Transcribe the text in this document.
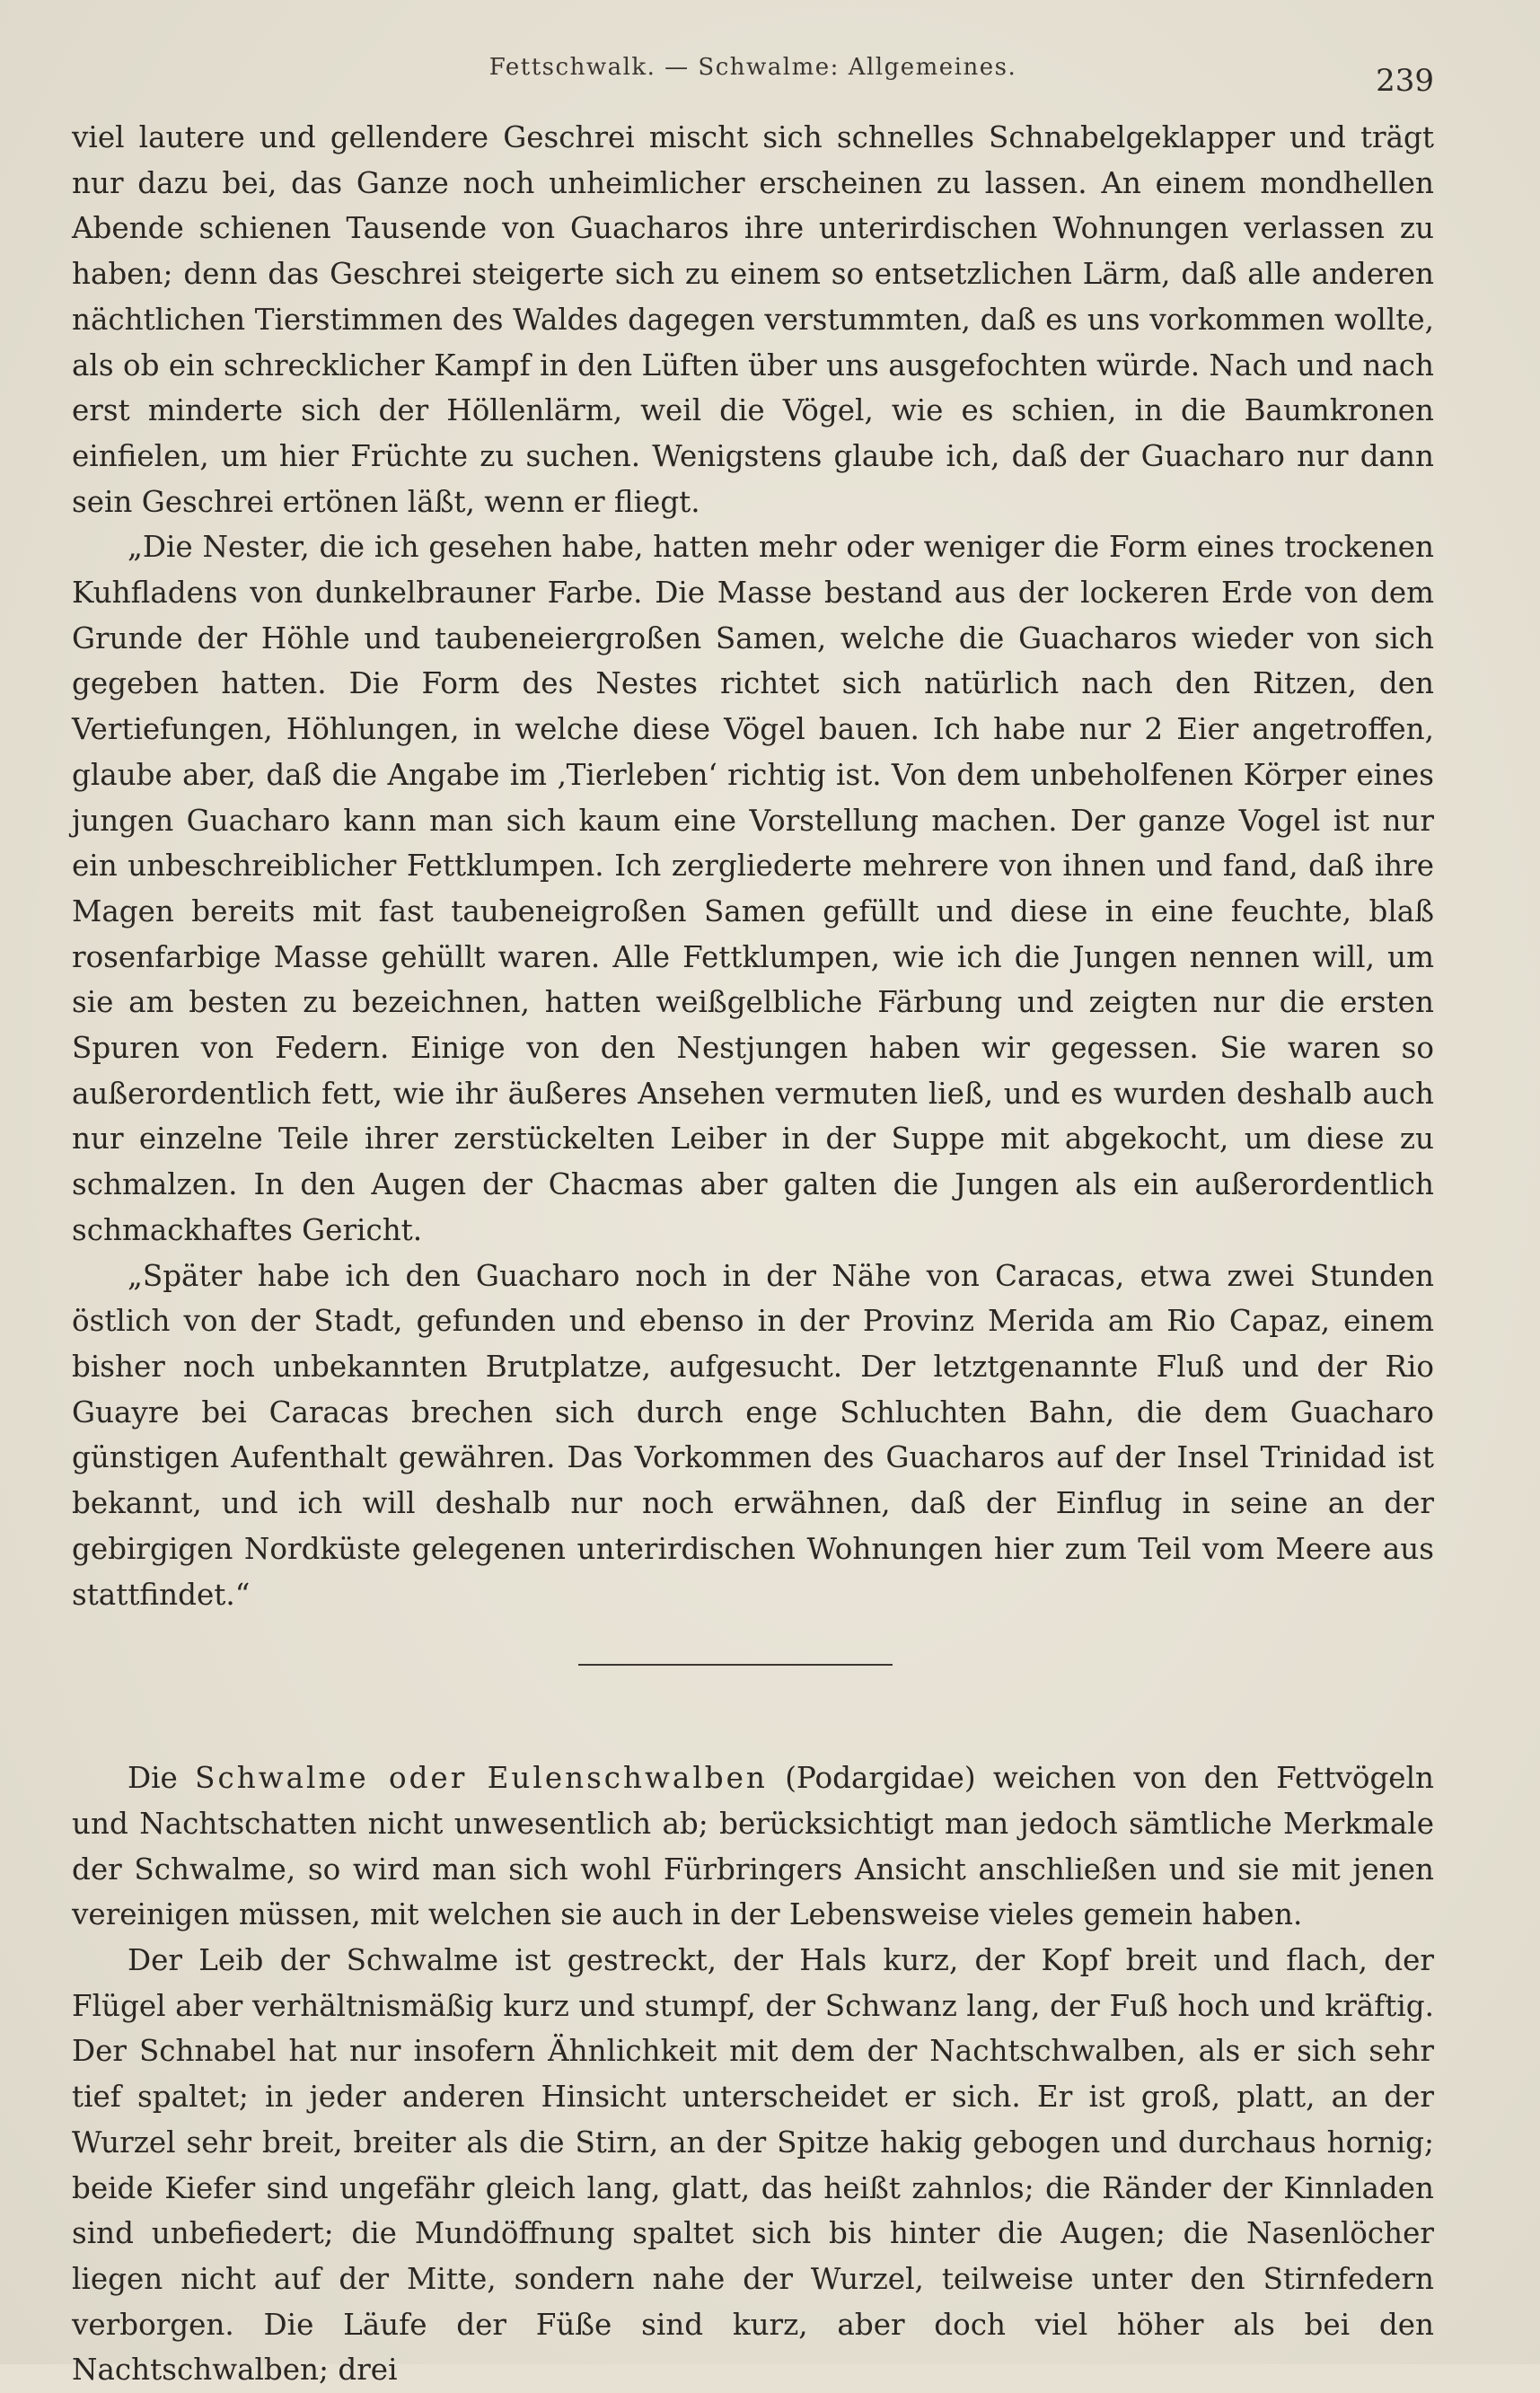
Fettschwalk. — Schwalme: Allgemeines.	239

viel lautere und gellendere Geschrei mischt sich schnelles Schnabelgeklapper und trägt nur dazu bei, das Ganze noch unheimlicher erscheinen zu lassen. An einem mondhellen Abende schienen Tausende von Guacharos ihre unterirdischen Wohnungen verlassen zu haben; denn das Geschrei steigerte sich zu einem so entsetzlichen Lärm, daß alle anderen nächtlichen Tierstimmen des Waldes dagegen verstummten, daß es uns vorkommen wollte, als ob ein schrecklicher Kampf in den Lüften über uns ausgefochten würde. Nach und nach erst minderte sich der Höllenlärm, weil die Vögel, wie es schien, in die Baumkronen einfielen, um hier Früchte zu suchen. Wenigstens glaube ich, daß der Guacharo nur dann sein Geschrei ertönen läßt, wenn er fliegt.

„Die Nester, die ich gesehen habe, hatten mehr oder weniger die Form eines trockenen Kuhfladens von dunkelbrauner Farbe. Die Masse bestand aus der lockeren Erde von dem Grunde der Höhle und taubeneiergroßen Samen, welche die Guacharos wieder von sich gegeben hatten. Die Form des Nestes richtet sich natürlich nach den Ritzen, den Vertiefungen, Höhlungen, in welche diese Vögel bauen. Ich habe nur 2 Eier angetroffen, glaube aber, daß die Angabe im ‚Tierleben‘ richtig ist. Von dem unbeholfenen Körper eines jungen Guacharo kann man sich kaum eine Vorstellung machen. Der ganze Vogel ist nur ein unbeschreiblicher Fettklumpen. Ich zergliederte mehrere von ihnen und fand, daß ihre Magen bereits mit fast taubeneigroßen Samen gefüllt und diese in eine feuchte, blaß rosenfarbige Masse gehüllt waren. Alle Fettklumpen, wie ich die Jungen nennen will, um sie am besten zu bezeichnen, hatten weißgelbliche Färbung und zeigten nur die ersten Spuren von Federn. Einige von den Nestjungen haben wir gegessen. Sie waren so außerordentlich fett, wie ihr äußeres Ansehen vermuten ließ, und es wurden deshalb auch nur einzelne Teile ihrer zerstückelten Leiber in der Suppe mit abgekocht, um diese zu schmalzen. In den Augen der Chacmas aber galten die Jungen als ein außerordentlich schmackhaftes Gericht.

„Später habe ich den Guacharo noch in der Nähe von Caracas, etwa zwei Stunden östlich von der Stadt, gefunden und ebenso in der Provinz Merida am Rio Capaz, einem bisher noch unbekannten Brutplatze, aufgesucht. Der letztgenannte Fluß und der Rio Guayre bei Caracas brechen sich durch enge Schluchten Bahn, die dem Guacharo günstigen Aufenthalt gewähren. Das Vorkommen des Guacharos auf der Insel Trinidad ist bekannt, und ich will deshalb nur noch erwähnen, daß der Einflug in seine an der gebirgigen Nordküste gelegenen unterirdischen Wohnungen hier zum Teil vom Meere aus stattfindet.“

Die Schwalme oder Eulenschwalben (Podargidae) weichen von den Fettvögeln und Nachtschatten nicht unwesentlich ab; berücksichtigt man jedoch sämtliche Merkmale der Schwalme, so wird man sich wohl Fürbringers Ansicht anschließen und sie mit jenen vereinigen müssen, mit welchen sie auch in der Lebensweise vieles gemein haben.

Der Leib der Schwalme ist gestreckt, der Hals kurz, der Kopf breit und flach, der Flügel aber verhältnismäßig kurz und stumpf, der Schwanz lang, der Fuß hoch und kräftig. Der Schnabel hat nur insofern Ähnlichkeit mit dem der Nachtschwalben, als er sich sehr tief spaltet; in jeder anderen Hinsicht unterscheidet er sich. Er ist groß, platt, an der Wurzel sehr breit, breiter als die Stirn, an der Spitze hakig gebogen und durchaus hornig; beide Kiefer sind ungefähr gleich lang, glatt, das heißt zahnlos; die Ränder der Kinnladen sind unbefiedert; die Mundöffnung spaltet sich bis hinter die Augen; die Nasenlöcher liegen nicht auf der Mitte, sondern nahe der Wurzel, teilweise unter den Stirnfedern verborgen. Die Läufe der Füße sind kurz, aber doch viel höher als bei den Nachtschwalben; drei
